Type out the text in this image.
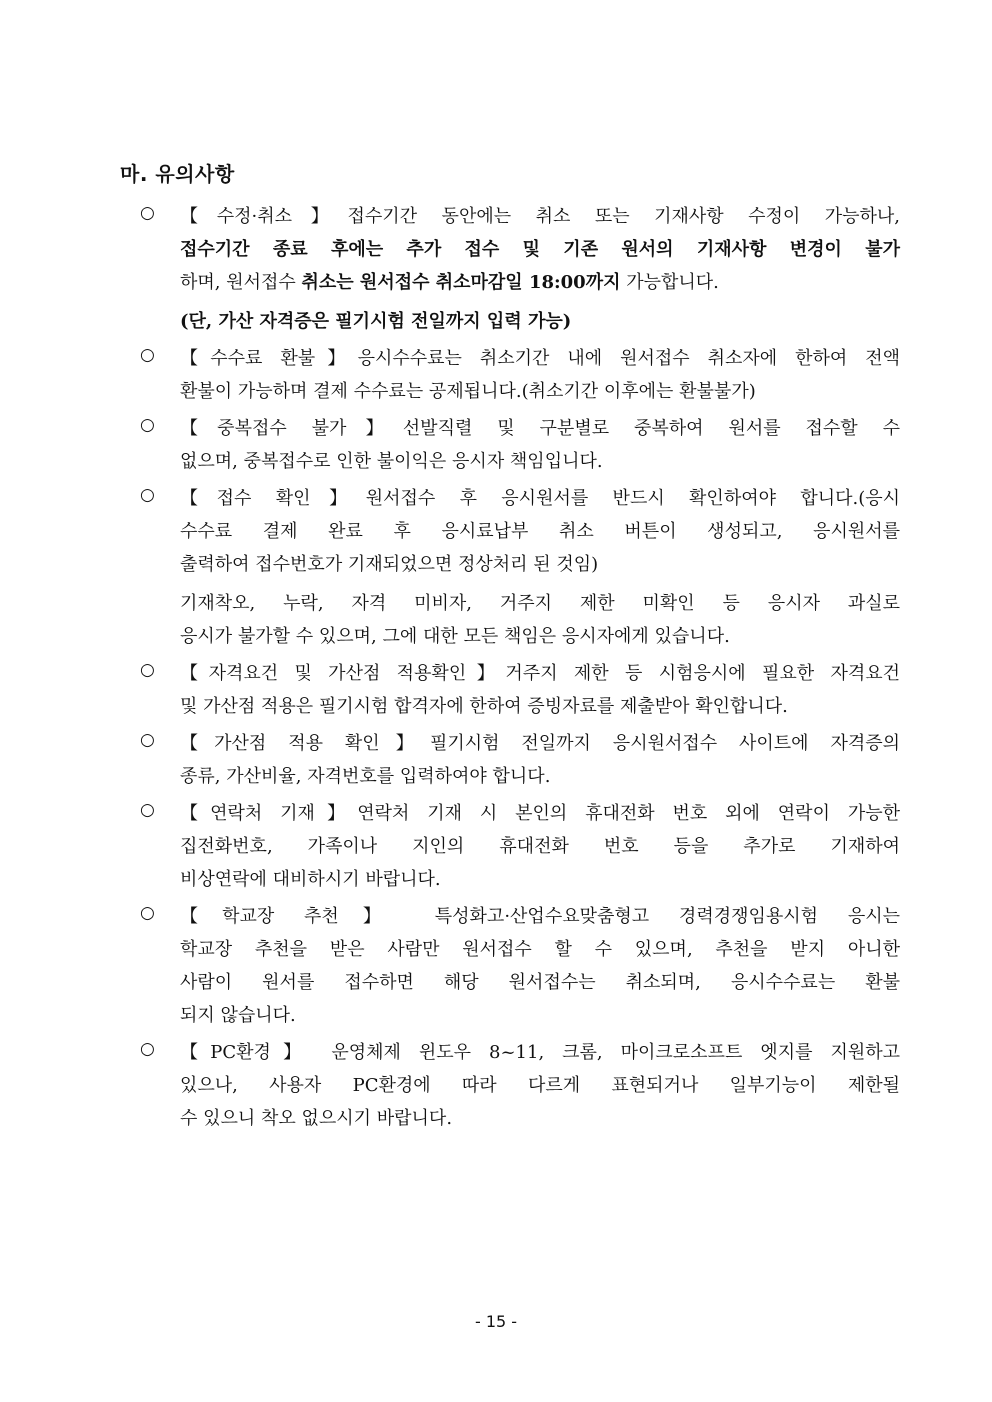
마. 유의사항
○ 【수정·취소】접수기간 동안에는 취소 또는 기재사항 수정이 가능하나,
접수기간 종료 후에는 추가 접수 및 기존 원서의 기재사항 변경이 불가
하며, 원서접수 취소는 원서접수 취소마감일 18:00까지 가능합니다.
(단, 가산 자격증은 필기시험 전일까지 입력 가능)
○ 【수수료 환불】응시수수료는 취소기간 내에 원서접수 취소자에 한하여 전액
환불이 가능하며 결제 수수료는 공제됩니다.(취소기간 이후에는 환불불가)
○ 【중복접수 불가】선발직렬 및 구분별로 중복하여 원서를 접수할 수
없으며, 중복접수로 인한 불이익은 응시자 책임입니다.
○ 【접수 확인】원서접수 후 응시원서를 반드시 확인하여야 합니다.(응시
수수료 결제 완료 후 응시료납부 취소 버튼이 생성되고, 응시원서를
출력하여 접수번호가 기재되었으면 정상처리 된 것임)
기재착오, 누락, 자격 미비자, 거주지 제한 미확인 등 응시자 과실로
응시가 불가할 수 있으며, 그에 대한 모든 책임은 응시자에게 있습니다.
○ 【자격요건 및 가산점 적용확인】거주지 제한 등 시험응시에 필요한 자격요건
및 가산점 적용은 필기시험 합격자에 한하여 증빙자료를 제출받아 확인합니다.
○ 【가산점 적용 확인】필기시험 전일까지 응시원서접수 사이트에 자격증의
종류, 가산비율, 자격번호를 입력하여야 합니다.
○ 【연락처 기재】연락처 기재 시 본인의 휴대전화 번호 외에 연락이 가능한
집전화번호, 가족이나 지인의 휴대전화 번호 등을 추가로 기재하여
비상연락에 대비하시기 바랍니다.
○ 【학교장 추천】 특성화고·산업수요맞춤형고 경력경쟁임용시험 응시는
학교장 추천을 받은 사람만 원서접수 할 수 있으며, 추천을 받지 아니한
사람이 원서를 접수하면 해당 원서접수는 취소되며, 응시수수료는 환불
되지 않습니다.
○ 【PC환경】 운영체제 윈도우 8~11, 크롬, 마이크로소프트 엣지를 지원하고
있으나, 사용자 PC환경에 따라 다르게 표현되거나 일부기능이 제한될
수 있으니 착오 없으시기 바랍니다.
- 15 -
